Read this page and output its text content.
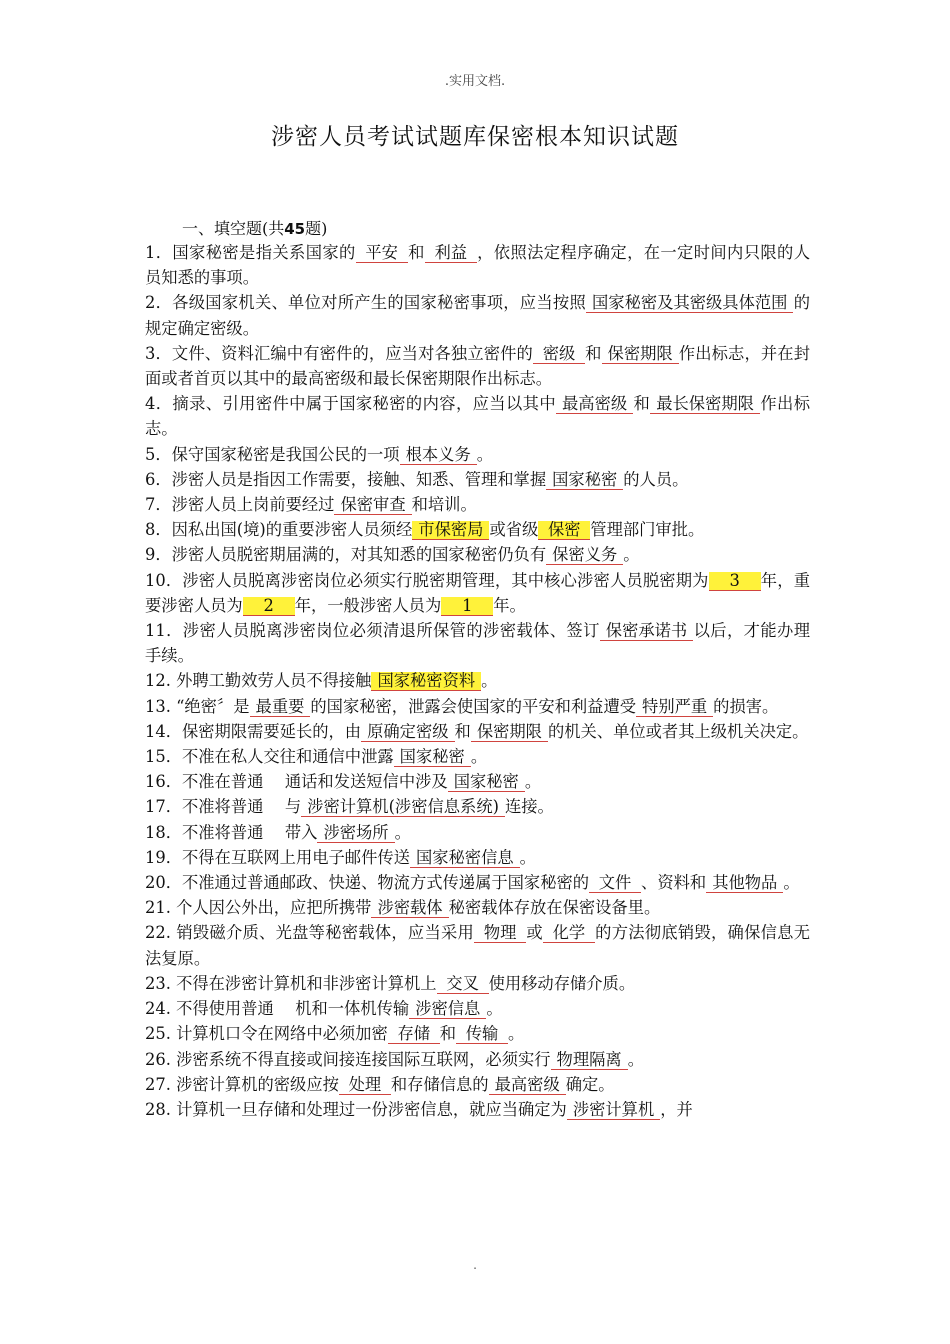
.实用文档.
涉密人员考试试题库保密根本知识试题
一、填空题(共45题)
1．国家秘密是指关系国家的 平安 和 利益 ，依照法定程序确定，在一定时间内只限的人员知悉的事项。
2．各级国家机关、单位对所产生的国家秘密事项，应当按照 国家秘密及其密级具体范围 的规定确定密级。
3．文件、资料汇编中有密件的，应当对各独立密件的 密级 和 保密期限 作出标志，并在封面或者首页以其中的最高密级和最长保密期限作出标志。
4．摘录、引用密件中属于国家秘密的内容，应当以其中 最高密级 和 最长保密期限 作出标志。
5．保守国家秘密是我国公民的一项 根本义务 。
6．涉密人员是指因工作需要，接触、知悉、管理和掌握 国家秘密 的人员。
7．涉密人员上岗前要经过 保密审查 和培训。
8．因私出国(境)的重要涉密人员须经 市保密局 或省级 保密 管理部门审批。
9．涉密人员脱密期届满的，对其知悉的国家秘密仍负有 保密义务 。
10．涉密人员脱离涉密岗位必须实行脱密期管理，其中核心涉密人员脱密期为 3 年，重要涉密人员为 2 年，一般涉密人员为 1 年。
11．涉密人员脱离涉密岗位必须清退所保管的涉密载体、签订 保密承诺书 以后，才能办理手续。
12. 外聘工勤效劳人员不得接触 国家秘密资料 。
13. “绝密〞是 最重要 的国家秘密，泄露会使国家的平安和利益遭受 特别严重 的损害。
14．保密期限需要延长的，由 原确定密级 和 保密期限 的机关、单位或者其上级机关决定。
15．不准在私人交往和通信中泄露 国家秘密 。
16．不准在普通　 通话和发送短信中涉及 国家秘密 。
17．不准将普通　 与 涉密计算机(涉密信息系统) 连接。
18．不准将普通　 带入 涉密场所 。
19．不得在互联网上用电子邮件传送 国家秘密信息 。
20．不准通过普通邮政、快递、物流方式传递属于国家秘密的 文件 、资料和 其他物品 。
21. 个人因公外出，应把所携带 涉密载体 秘密载体存放在保密设备里。
22. 销毁磁介质、光盘等秘密载体，应当采用 物理 或 化学 的方法彻底销毁，确保信息无法复原。
23. 不得在涉密计算机和非涉密计算机上 交叉 使用移动存储介质。
24. 不得使用普通　 机和一体机传输 涉密信息 。
25. 计算机口令在网络中必须加密 存储 和 传输 。
26. 涉密系统不得直接或间接连接国际互联网，必须实行 物理隔离 。
27. 涉密计算机的密级应按 处理 和存储信息的 最高密级 确定。
28. 计算机一旦存储和处理过一份涉密信息，就应当确定为 涉密计算机 ，并
.
